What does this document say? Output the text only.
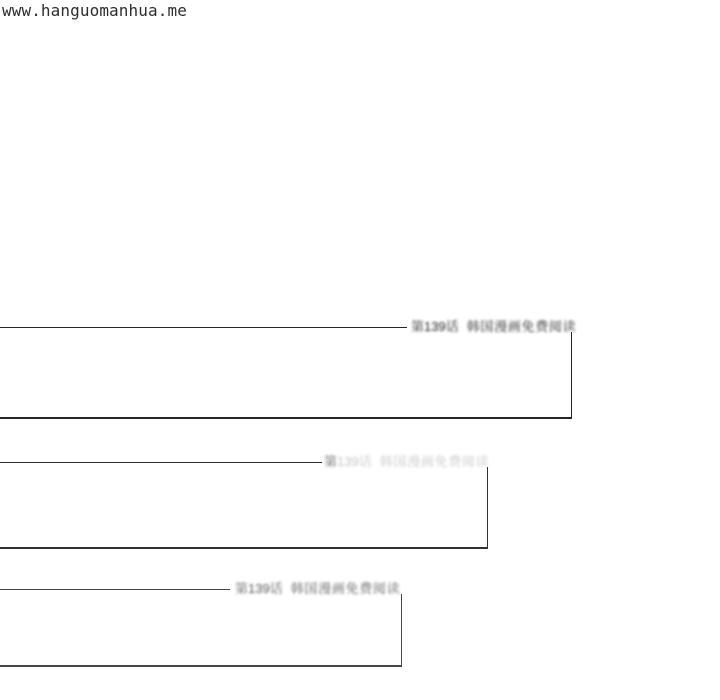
www.hanguomanhua.me
第139话 韩国漫画免费阅读
第139话 韩国漫画免费阅读
第139话 韩国漫画免费阅读
